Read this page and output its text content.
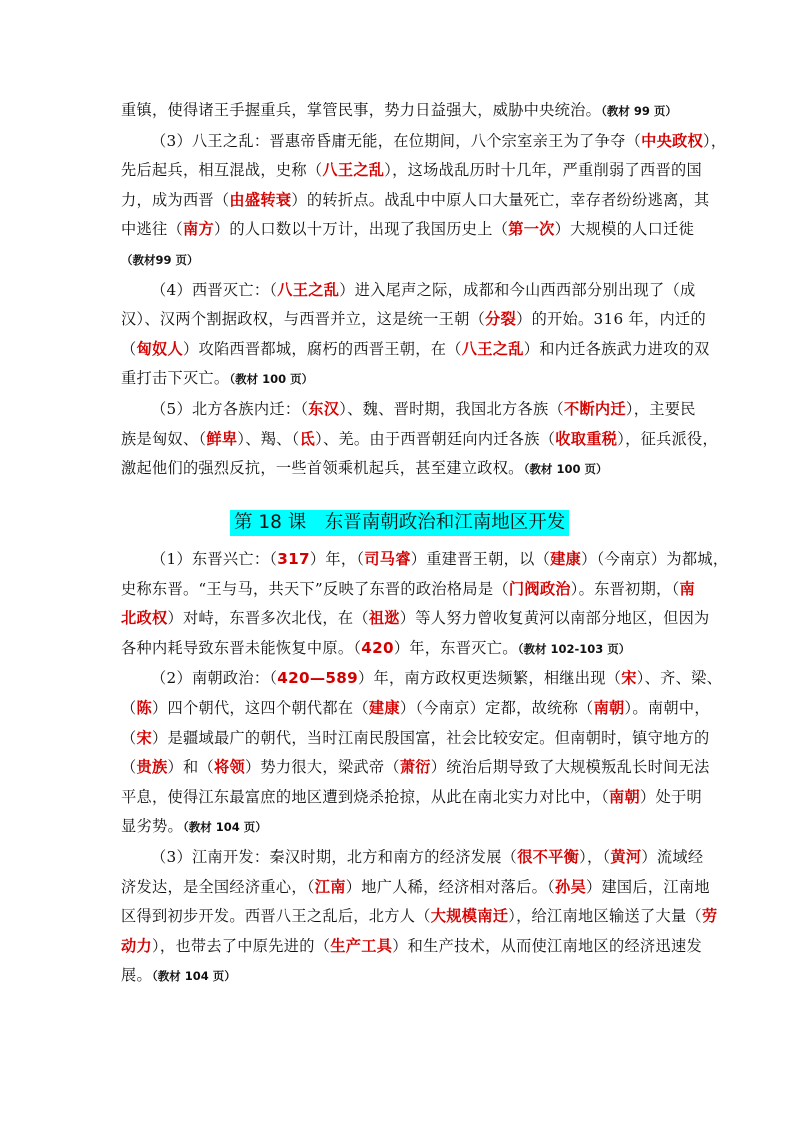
重镇，使得诸王手握重兵，掌管民事，势力日益强大，威胁中央统治。（教材 99 页）
（3）八王之乱：晋惠帝昏庸无能，在位期间，八个宗室亲王为了争夺（中央政权），
先后起兵，相互混战，史称（八王之乱），这场战乱历时十几年，严重削弱了西晋的国
力，成为西晋（由盛转衰）的转折点。战乱中中原人口大量死亡，幸存者纷纷逃离，其
中逃往（南方）的人口数以十万计，出现了我国历史上（第一次）大规模的人口迁徙
（教材99 页）
（4）西晋灭亡：（八王之乱）进入尾声之际，成都和今山西西部分别出现了（成
汉）、汉两个割据政权，与西晋并立，这是统一王朝（分裂）的开始。316 年，内迁的
（匈奴人）攻陷西晋都城，腐朽的西晋王朝，在（八王之乱）和内迁各族武力进攻的双
重打击下灭亡。（教材 100 页）
（5）北方各族内迁：（东汉）、魏、晋时期，我国北方各族（不断内迁），主要民
族是匈奴、（鲜卑）、羯、（氐）、羌。由于西晋朝廷向内迁各族（收取重税），征兵派役，
激起他们的强烈反抗，一些首领乘机起兵，甚至建立政权。（教材 100 页）
第 18 课　东晋南朝政治和江南地区开发
（1）东晋兴亡：（317）年，（司马睿）重建晋王朝，以（建康）（今南京）为都城，
史称东晋。“王与马，共天下”反映了东晋的政治格局是（门阀政治）。东晋初期，（南
北政权）对峙，东晋多次北伐，在（祖逖）等人努力曾收复黄河以南部分地区，但因为
各种内耗导致东晋未能恢复中原。（420）年，东晋灭亡。（教材 102-103 页）
（2）南朝政治：（420—589）年，南方政权更迭频繁，相继出现（宋）、齐、梁、
（陈）四个朝代，这四个朝代都在（建康）（今南京）定都，故统称（南朝）。南朝中，
（宋）是疆域最广的朝代，当时江南民殷国富，社会比较安定。但南朝时，镇守地方的
（贵族）和（将领）势力很大，梁武帝（萧衍）统治后期导致了大规模叛乱长时间无法
平息，使得江东最富庶的地区遭到烧杀抢掠，从此在南北实力对比中，（南朝）处于明
显劣势。（教材 104 页）
（3）江南开发：秦汉时期，北方和南方的经济发展（很不平衡），（黄河）流域经
济发达，是全国经济重心，（江南）地广人稀，经济相对落后。（孙吴）建国后，江南地
区得到初步开发。西晋八王之乱后，北方人（大规模南迁），给江南地区输送了大量（劳
动力），也带去了中原先进的（生产工具）和生产技术，从而使江南地区的经济迅速发
展。（教材 104 页）
